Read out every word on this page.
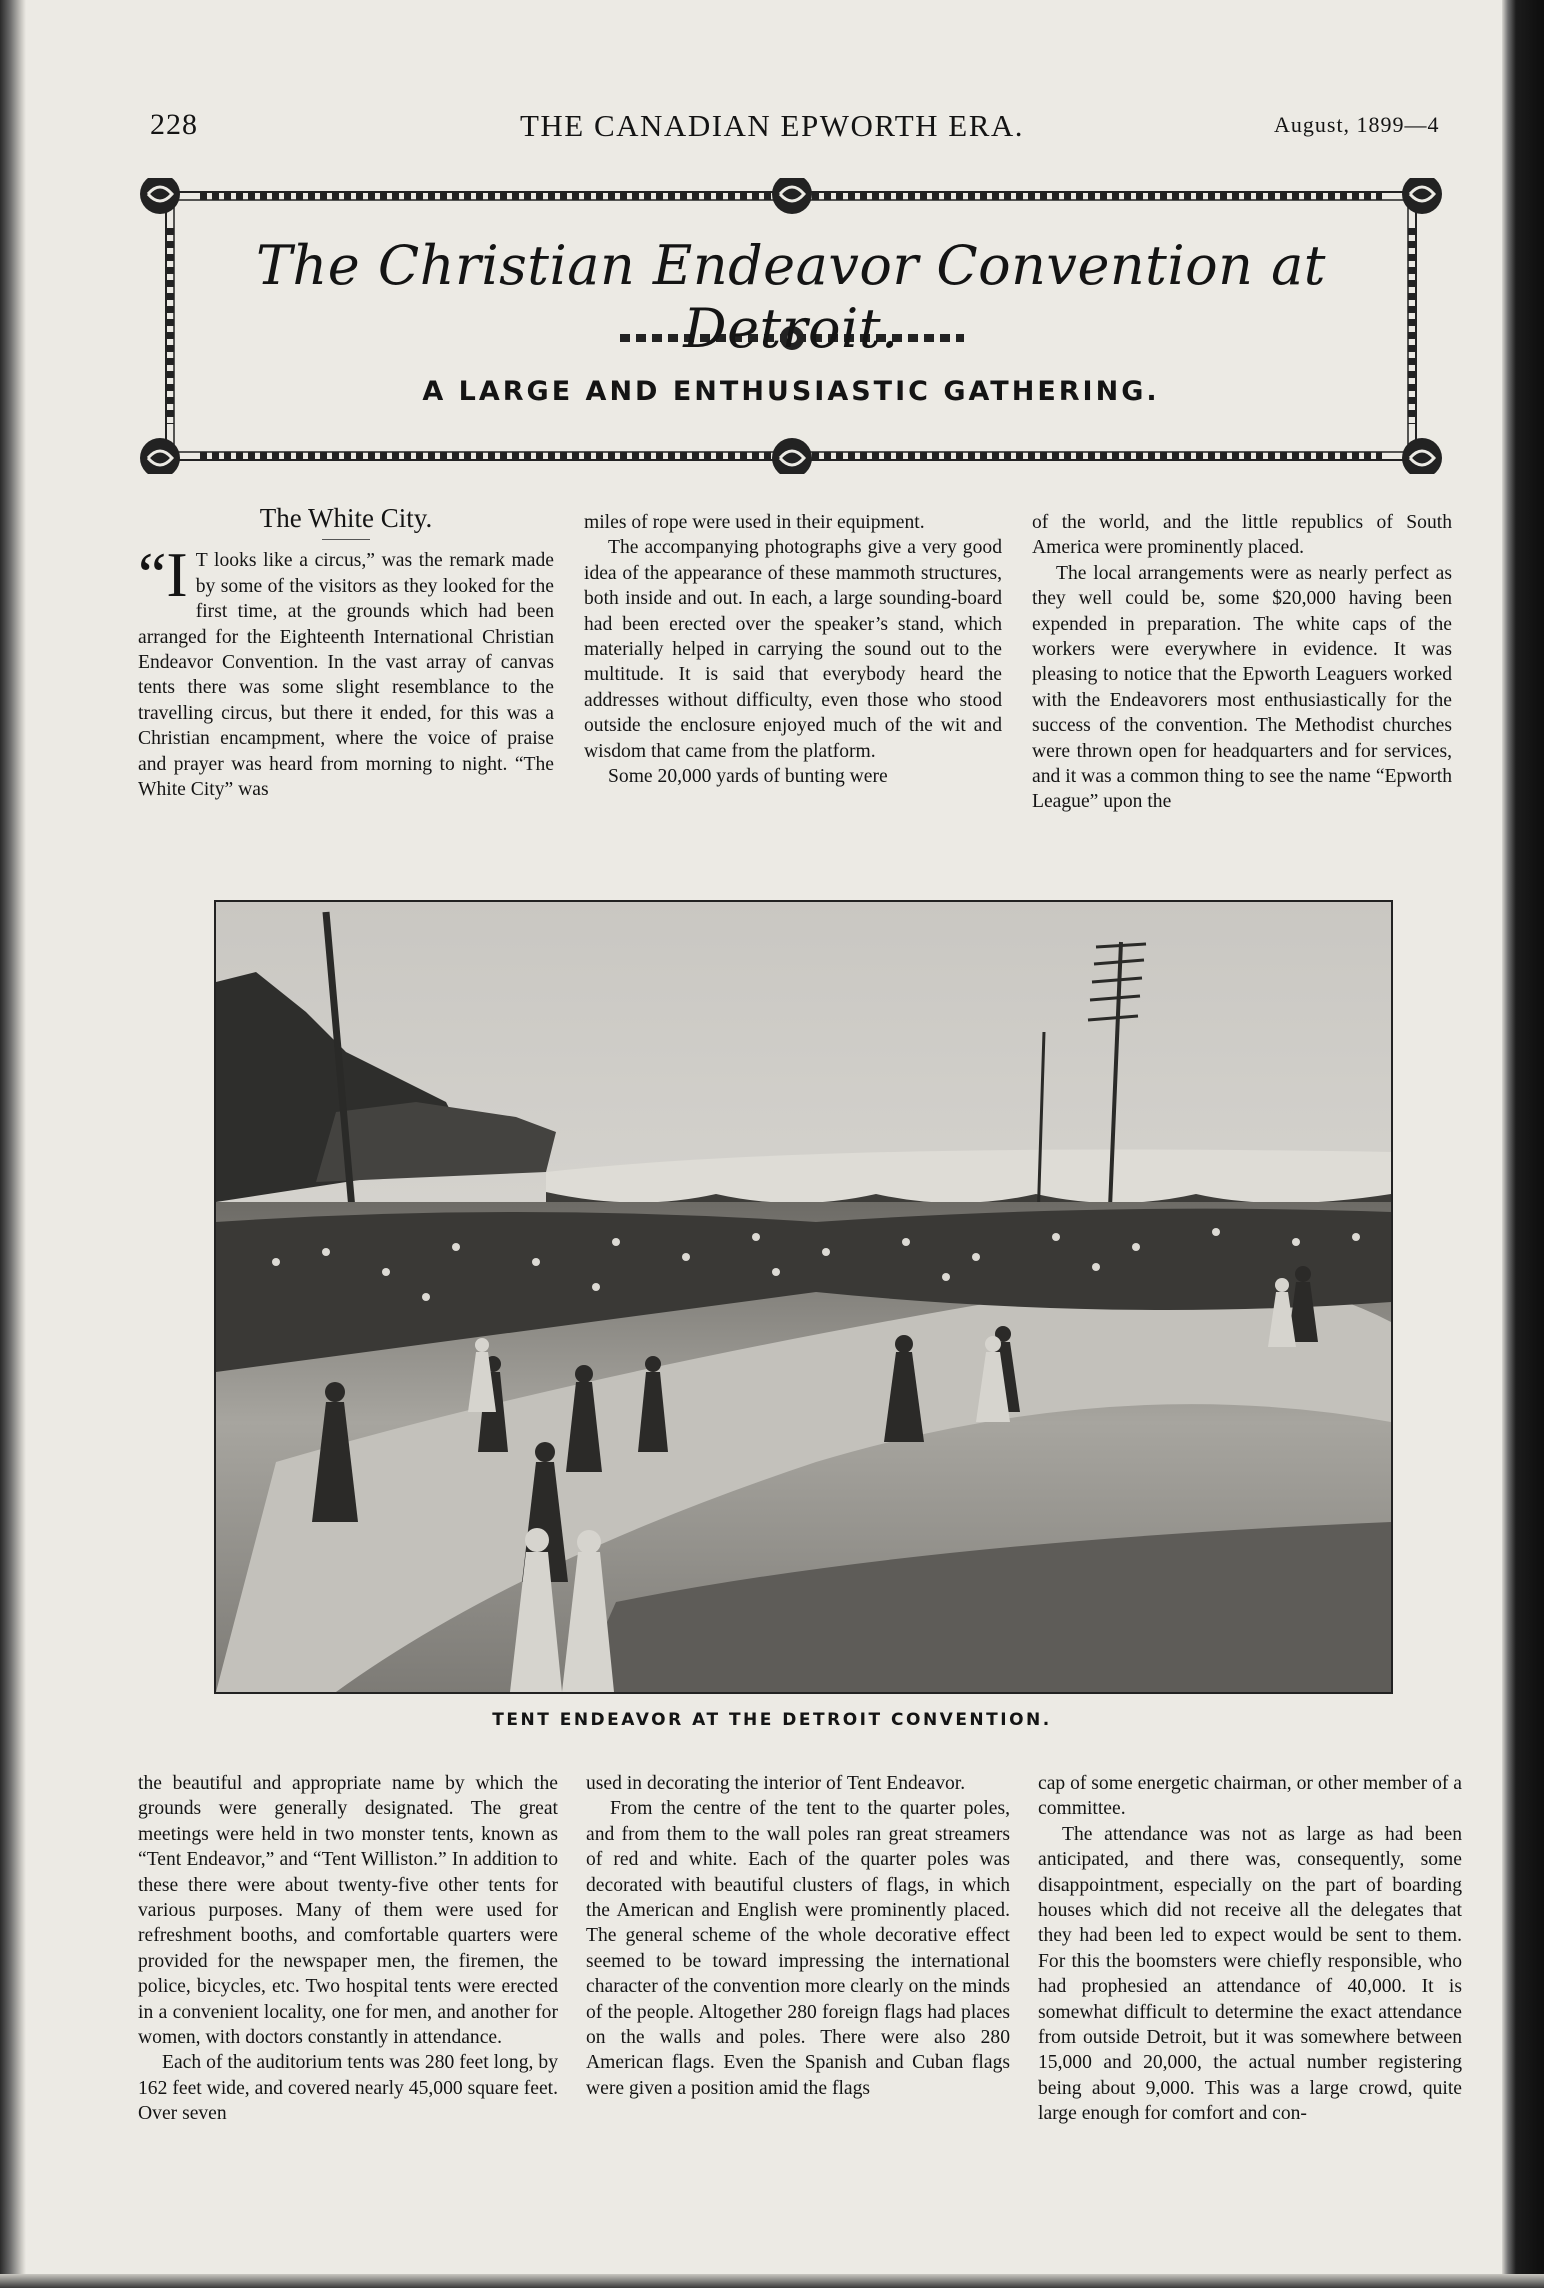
228	THE CANADIAN EPWORTH ERA.	August, 1899—4
The Christian Endeavor Convention at Detroit.
A LARGE AND ENTHUSIASTIC GATHERING.
The White City.

“I T looks like a circus,” was the remark made by some of the visitors as they looked for the first time, at the grounds which had been arranged for the Eighteenth International Christian Endeavor Convention. In the vast array of canvas tents there was some slight resemblance to the travelling circus, but there it ended, for this was a Christian encampment, where the voice of praise and prayer was heard from morning to night. “The White City” was

miles of rope were used in their equipment.

The accompanying photographs give a very good idea of the appearance of these mammoth structures, both inside and out. In each, a large sounding-board had been erected over the speaker’s stand, which materially helped in carrying the sound out to the multitude. It is said that everybody heard the addresses without difficulty, even those who stood outside the enclosure enjoyed much of the wit and wisdom that came from the platform.

Some 20,000 yards of bunting were

of the world, and the little republics of South America were prominently placed.

The local arrangements were as nearly perfect as they well could be, some $20,000 having been expended in preparation. The white caps of the workers were everywhere in evidence. It was pleasing to notice that the Epworth Leaguers worked with the Endeavorers most enthusiastically for the success of the convention. The Methodist churches were thrown open for headquarters and for services, and it was a common thing to see the name “Epworth League” upon the

TENT ENDEAVOR AT THE DETROIT CONVENTION.

the beautiful and appropriate name by which the grounds were generally designated. The great meetings were held in two monster tents, known as “Tent Endeavor,” and “Tent Williston.” In addition to these there were about twenty-five other tents for various purposes. Many of them were used for refreshment booths, and comfortable quarters were provided for the newspaper men, the firemen, the police, bicycles, etc. Two hospital tents were erected in a convenient locality, one for men, and another for women, with doctors constantly in attendance.

Each of the auditorium tents was 280 feet long, by 162 feet wide, and covered nearly 45,000 square feet. Over seven

used in decorating the interior of Tent Endeavor.

From the centre of the tent to the quarter poles, and from them to the wall poles ran great streamers of red and white. Each of the quarter poles was decorated with beautiful clusters of flags, in which the American and English were prominently placed. The general scheme of the whole decorative effect seemed to be toward impressing the international character of the convention more clearly on the minds of the people. Altogether 280 foreign flags had places on the walls and poles. There were also 280 American flags. Even the Spanish and Cuban flags were given a position amid the flags

cap of some energetic chairman, or other member of a committee.

The attendance was not as large as had been anticipated, and there was, consequently, some disappointment, especially on the part of boarding houses which did not receive all the delegates that they had been led to expect would be sent to them. For this the boomsters were chiefly responsible, who had prophesied an attendance of 40,000. It is somewhat difficult to determine the exact attendance from outside Detroit, but it was somewhere between 15,000 and 20,000, the actual number registering being about 9,000. This was a large crowd, quite large enough for comfort and con-
